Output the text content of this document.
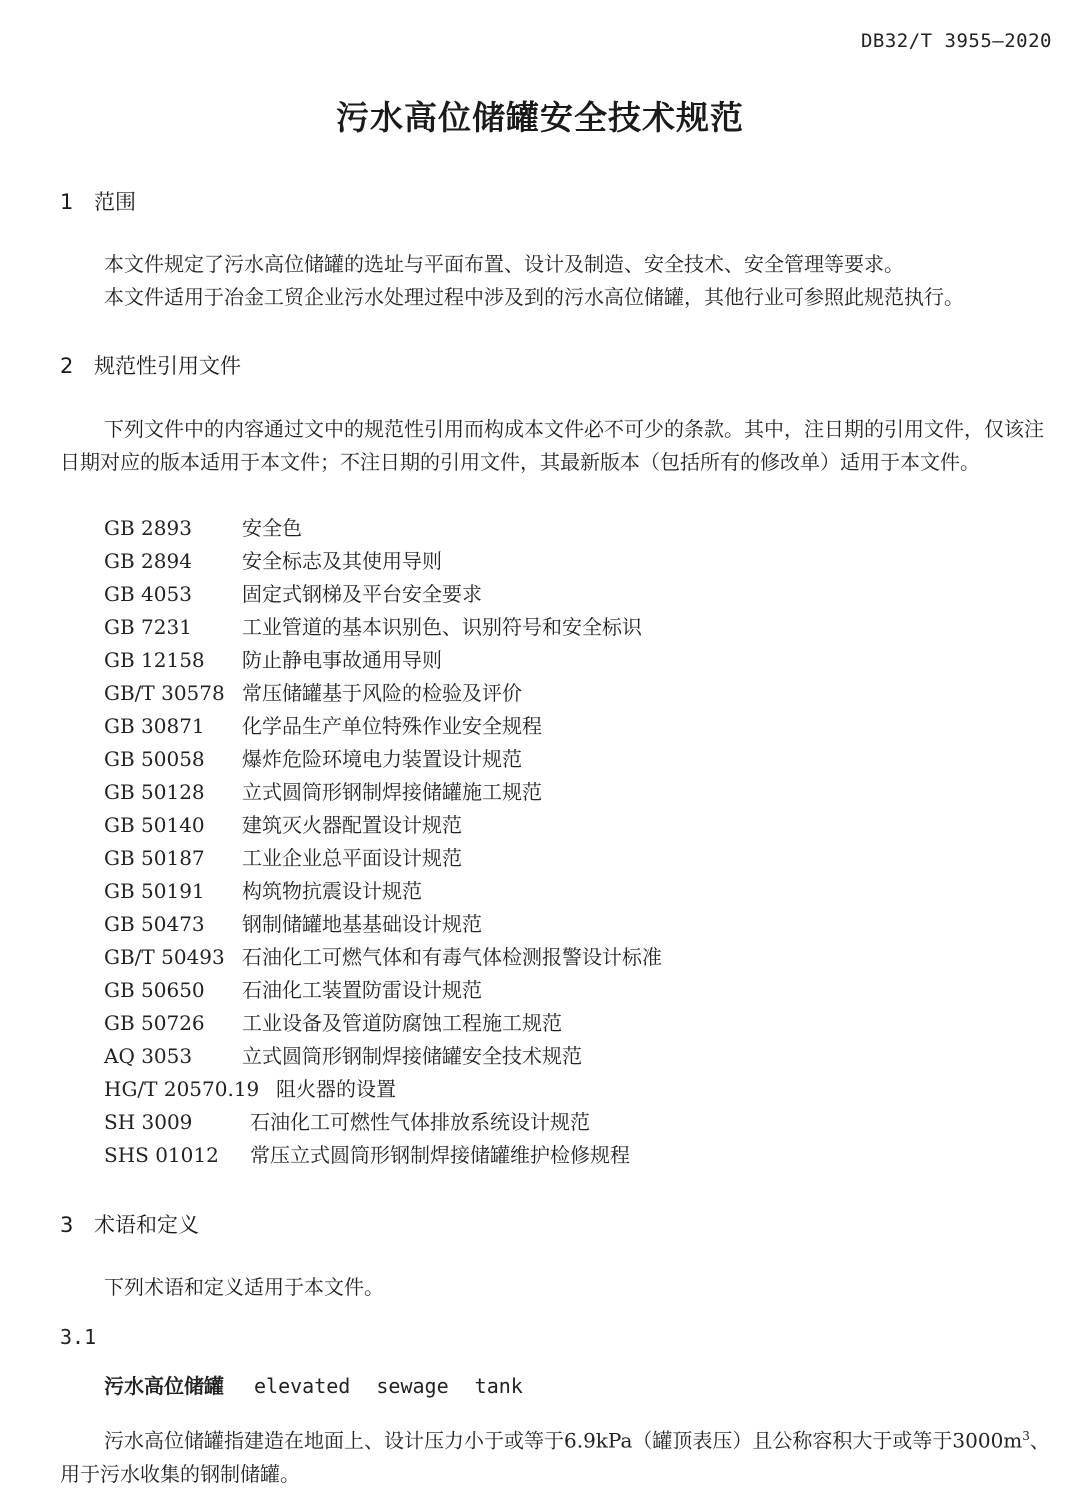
DB32/T 3955—2020
污水高位储罐安全技术规范
1 范围
本文件规定了污水高位储罐的选址与平面布置、设计及制造、安全技术、安全管理等要求。
本文件适用于冶金工贸企业污水处理过程中涉及到的污水高位储罐，其他行业可参照此规范执行。
2 规范性引用文件
下列文件中的内容通过文中的规范性引用而构成本文件必不可少的条款。其中，注日期的引用文件，仅该注日期对应的版本适用于本文件；不注日期的引用文件，其最新版本（包括所有的修改单）适用于本文件。
GB 2893	安全色
GB 2894	安全标志及其使用导则
GB 4053	固定式钢梯及平台安全要求
GB 7231	工业管道的基本识别色、识别符号和安全标识
GB 12158 防止静电事故通用导则
GB/T 30578 常压储罐基于风险的检验及评价
GB 30871 化学品生产单位特殊作业安全规程
GB 50058 爆炸危险环境电力装置设计规范
GB 50128 立式圆筒形钢制焊接储罐施工规范
GB 50140 建筑灭火器配置设计规范
GB 50187 工业企业总平面设计规范
GB 50191 构筑物抗震设计规范
GB 50473 钢制储罐地基基础设计规范
GB/T 50493 石油化工可燃气体和有毒气体检测报警设计标准
GB 50650 石油化工装置防雷设计规范
GB 50726 工业设备及管道防腐蚀工程施工规范
AQ 3053 立式圆筒形钢制焊接储罐安全技术规范
HG/T 20570.19 阻火器的设置
SH 3009	石油化工可燃性气体排放系统设计规范
SHS 01012 常压立式圆筒形钢制焊接储罐维护检修规程
3 术语和定义
下列术语和定义适用于本文件。
3.1
污水高位储罐 elevated sewage tank
污水高位储罐指建造在地面上、设计压力小于或等于6.9kPa（罐顶表压）且公称容积大于或等于$3000m^3$、用于污水收集的钢制储罐。
